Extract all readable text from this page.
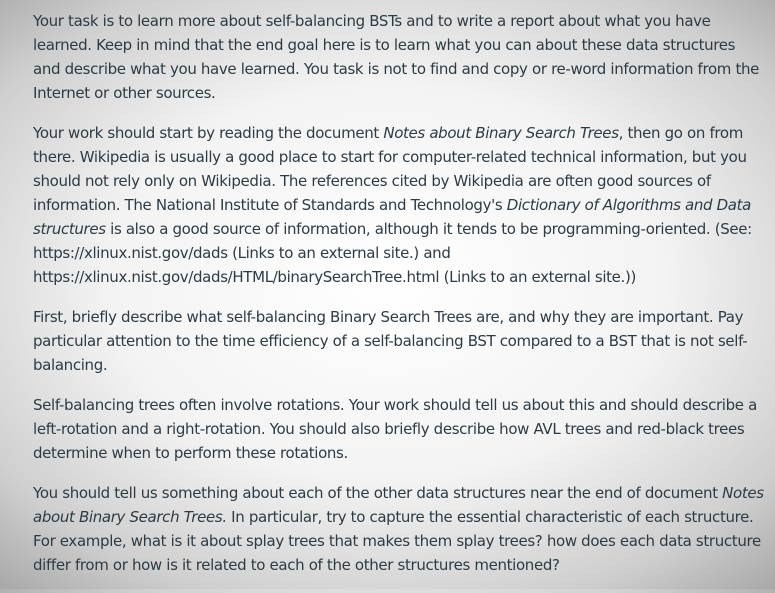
Your task is to learn more about self-balancing BSTs and to write a report about what you have learned. Keep in mind that the end goal here is to learn what you can about these data structures and describe what you have learned. You task is not to find and copy or re-word information from the Internet or other sources.

Your work should start by reading the document Notes about Binary Search Trees, then go on from there. Wikipedia is usually a good place to start for computer-related technical information, but you should not rely only on Wikipedia. The references cited by Wikipedia are often good sources of information. The National Institute of Standards and Technology's Dictionary of Algorithms and Data structures is also a good source of information, although it tends to be programming-oriented. (See: https://xlinux.nist.gov/dads (Links to an external site.) and https://xlinux.nist.gov/dads/HTML/binarySearchTree.html (Links to an external site.))

First, briefly describe what self-balancing Binary Search Trees are, and why they are important. Pay particular attention to the time efficiency of a self-balancing BST compared to a BST that is not self-balancing.

Self-balancing trees often involve rotations. Your work should tell us about this and should describe a left-rotation and a right-rotation. You should also briefly describe how AVL trees and red-black trees determine when to perform these rotations.

You should tell us something about each of the other data structures near the end of document Notes about Binary Search Trees. In particular, try to capture the essential characteristic of each structure. For example, what is it about splay trees that makes them splay trees? how does each data structure differ from or how is it related to each of the other structures mentioned?
